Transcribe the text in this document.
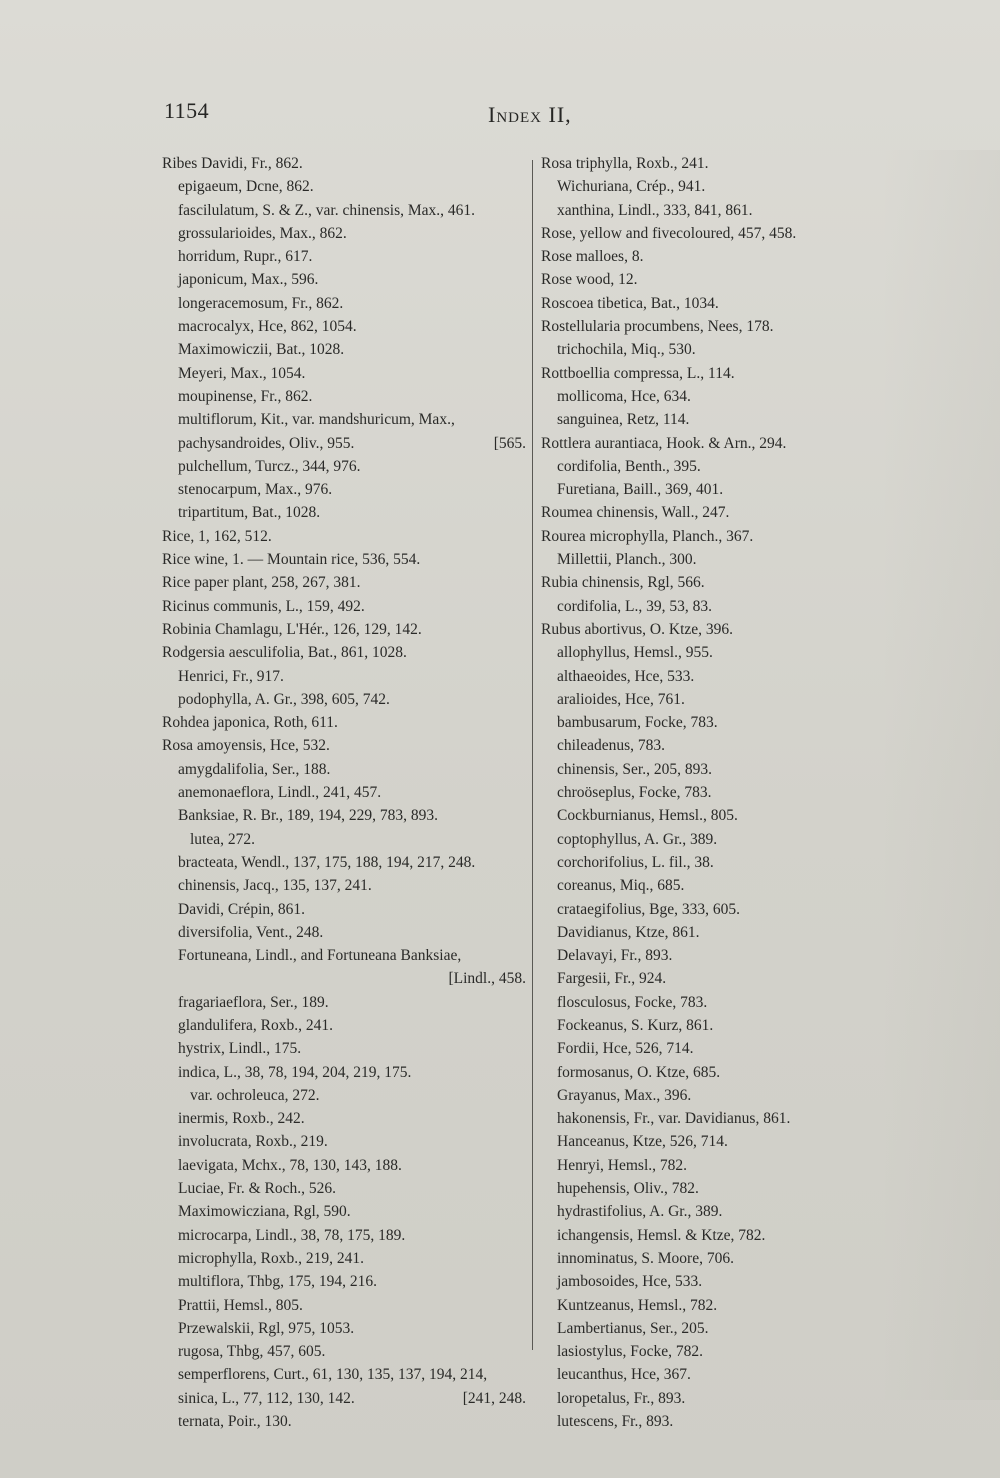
1154	Index II,
Ribes Davidi, Fr., 862.
epigaeum, Dcne, 862.
fascilulatum, S. & Z., var. chinensis, Max., 461.
grossularioides, Max., 862.
horridum, Rupr., 617.
japonicum, Max., 596.
longeracemosum, Fr., 862.
macrocalyx, Hce, 862, 1054.
Maximowiczii, Bat., 1028.
Meyeri, Max., 1054.
moupinense, Fr., 862.
multiflorum, Kit., var. mandshuricum, Max.,
pachysandroides, Oliv., 955.	[565.
pulchellum, Turcz., 344, 976.
stenocarpum, Max., 976.
tripartitum, Bat., 1028.
Rice, 1, 162, 512.
Rice wine, 1. — Mountain rice, 536, 554.
Rice paper plant, 258, 267, 381.
Ricinus communis, L., 159, 492.
Robinia Chamlagu, L'Hér., 126, 129, 142.
Rodgersia aesculifolia, Bat., 861, 1028.
Henrici, Fr., 917.
podophylla, A. Gr., 398, 605, 742.
Rohdea japonica, Roth, 611.
Rosa amoyensis, Hce, 532.
amygdalifolia, Ser., 188.
anemonaeflora, Lindl., 241, 457.
Banksiae, R. Br., 189, 194, 229, 783, 893.
lutea, 272.
bracteata, Wendl., 137, 175, 188, 194, 217, 248.
chinensis, Jacq., 135, 137, 241.
Davidi, Crépin, 861.
diversifolia, Vent., 248.
Fortuneana, Lindl., and Fortuneana Banksiae,
[Lindl., 458.
fragariaeflora, Ser., 189.
glandulifera, Roxb., 241.
hystrix, Lindl., 175.
indica, L., 38, 78, 194, 204, 219, 175.
var. ochroleuca, 272.
inermis, Roxb., 242.
involucrata, Roxb., 219.
laevigata, Mchx., 78, 130, 143, 188.
Luciae, Fr. & Roch., 526.
Maximowicziana, Rgl, 590.
microcarpa, Lindl., 38, 78, 175, 189.
microphylla, Roxb., 219, 241.
multiflora, Thbg, 175, 194, 216.
Prattii, Hemsl., 805.
Przewalskii, Rgl, 975, 1053.
rugosa, Thbg, 457, 605.
semperflorens, Curt., 61, 130, 135, 137, 194, 214,
sinica, L., 77, 112, 130, 142.	[241, 248.
ternata, Poir., 130.
Rosa triphylla, Roxb., 241.
Wichuriana, Crép., 941.
xanthina, Lindl., 333, 841, 861.
Rose, yellow and fivecoloured, 457, 458.
Rose malloes, 8.
Rose wood, 12.
Roscoea tibetica, Bat., 1034.
Rostellularia procumbens, Nees, 178.
trichochila, Miq., 530.
Rottboellia compressa, L., 114.
mollicoma, Hce, 634.
sanguinea, Retz, 114.
Rottlera aurantiaca, Hook. & Arn., 294.
cordifolia, Benth., 395.
Furetiana, Baill., 369, 401.
Roumea chinensis, Wall., 247.
Rourea microphylla, Planch., 367.
Millettii, Planch., 300.
Rubia chinensis, Rgl, 566.
cordifolia, L., 39, 53, 83.
Rubus abortivus, O. Ktze, 396.
allophyllus, Hemsl., 955.
althaeoides, Hce, 533.
aralioides, Hce, 761.
bambusarum, Focke, 783.
chileadenus, 783.
chinensis, Ser., 205, 893.
chroöseplus, Focke, 783.
Cockburnianus, Hemsl., 805.
coptophyllus, A. Gr., 389.
corchorifolius, L. fil., 38.
coreanus, Miq., 685.
crataegifolius, Bge, 333, 605.
Davidianus, Ktze, 861.
Delavayi, Fr., 893.
Fargesii, Fr., 924.
flosculosus, Focke, 783.
Fockeanus, S. Kurz, 861.
Fordii, Hce, 526, 714.
formosanus, O. Ktze, 685.
Grayanus, Max., 396.
hakonensis, Fr., var. Davidianus, 861.
Hanceanus, Ktze, 526, 714.
Henryi, Hemsl., 782.
hupehensis, Oliv., 782.
hydrastifolius, A. Gr., 389.
ichangensis, Hemsl. & Ktze, 782.
innominatus, S. Moore, 706.
jambosoides, Hce, 533.
Kuntzeanus, Hemsl., 782.
Lambertianus, Ser., 205.
lasiostylus, Focke, 782.
leucanthus, Hce, 367.
loropetalus, Fr., 893.
lutescens, Fr., 893.
